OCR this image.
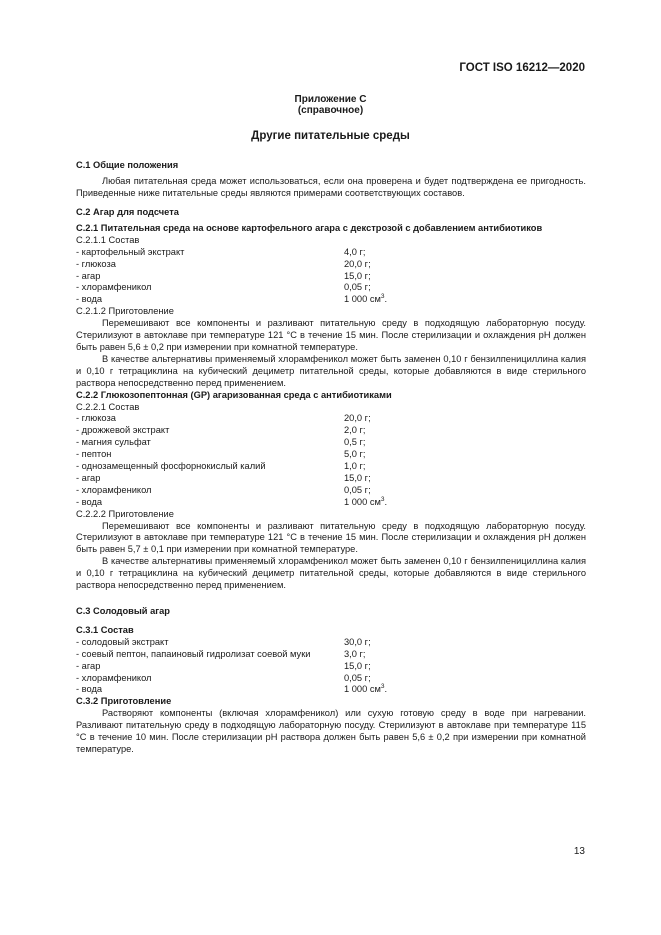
ГОСТ ISO 16212—2020
Приложение С
(справочное)
Другие питательные среды

С.1 Общие положения

Любая питательная среда может использоваться, если она проверена и будет подтверждена ее пригодность. Приведенные ниже питательные среды являются примерами соответствующих составов.

С.2 Агар для подсчета

С.2.1 Питательная среда на основе картофельного агара с декстрозой с добавлением антибиотиков

С.2.1.1 Состав

- картофельный экстракт	4,0 г;

- глюкоза	20,0 г;

- агар	15,0 г;

- хлорамфеникол	0,05 г;

- вода	1 000 $см^3$.

С.2.1.2 Приготовление

Перемешивают все компоненты и разливают питательную среду в подходящую лабораторную посуду. Стерилизуют в автоклаве при температуре 121 °C в течение 15 мин. После стерилизации и охлаждения pH должен быть равен 5,6 ± 0,2 при измерении при комнатной температуре.

В качестве альтернативы применяемый хлорамфеникол может быть заменен 0,10 г бензилпенициллина калия и 0,10 г тетрациклина на кубический дециметр питательной среды, которые добавляются в виде стерильного раствора непосредственно перед применением.

С.2.2 Глюкозопептонная (GP) агаризованная среда с антибиотиками

С.2.2.1 Состав

- глюкоза	20,0 г;

- дрожжевой экстракт	2,0 г;

- магния сульфат	0,5 г;

- пептон	5,0 г;

- однозамещенный фосфорнокислый калий	1,0 г;

- агар	15,0 г;

- хлорамфеникол	0,05 г;

- вода	1 000 $см^3$.

С.2.2.2 Приготовление

Перемешивают все компоненты и разливают питательную среду в подходящую лабораторную посуду. Стерилизуют в автоклаве при температуре 121 °C в течение 15 мин. После стерилизации и охлаждения pH должен быть равен 5,7 ± 0,1 при измерении при комнатной температуре.

В качестве альтернативы применяемый хлорамфеникол может быть заменен 0,10 г бензилпенициллина калия и 0,10 г тетрациклина на кубический дециметр питательной среды, которые добавляются в виде стерильного раствора непосредственно перед применением.

С.3 Солодовый агар

С.3.1 Состав

- солодовый экстракт	30,0 г;

- соевый пептон, папаиновый гидролизат соевой муки	3,0 г;

- агар	15,0 г;

- хлорамфеникол	0,05 г;

- вода	1 000 $см^3$.

С.3.2 Приготовление

Растворяют компоненты (включая хлорамфеникол) или сухую готовую среду в воде при нагревании. Разливают питательную среду в подходящую лабораторную посуду. Стерилизуют в автоклаве при температуре 115 °C в течение 10 мин. После стерилизации pH раствора должен быть равен 5,6 ± 0,2 при измерении при комнатной температуре.

13
